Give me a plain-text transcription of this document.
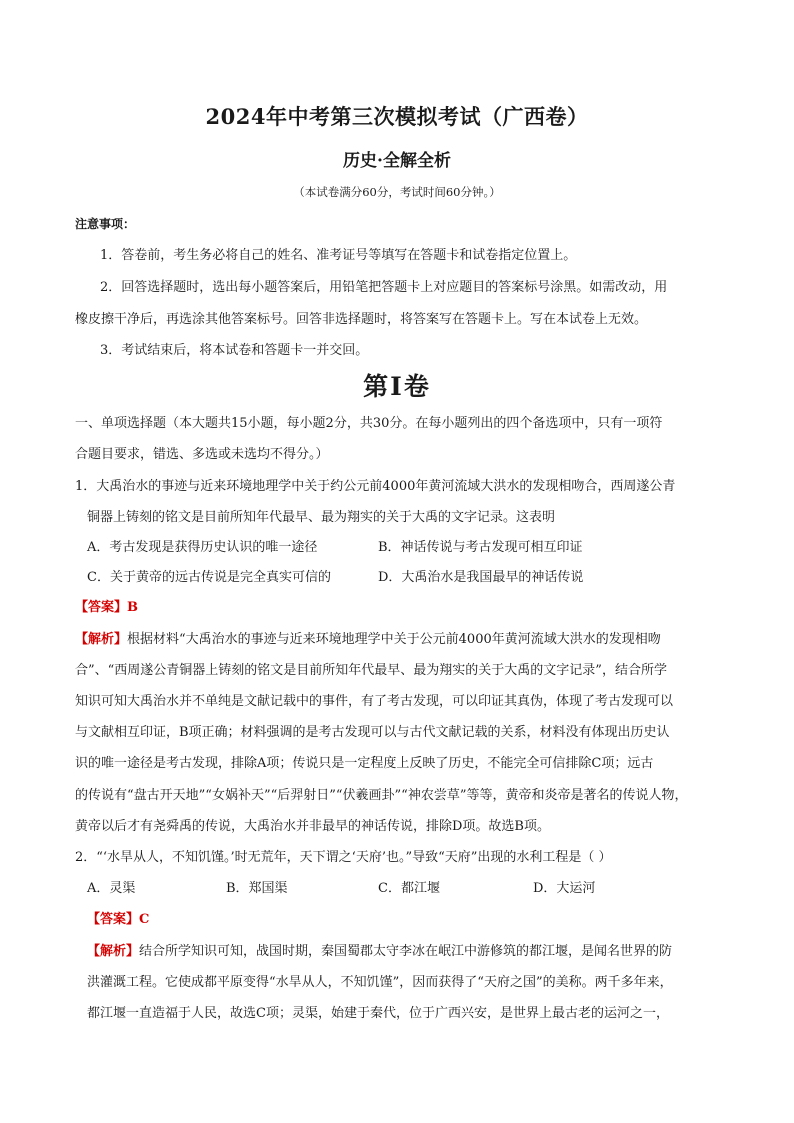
2024年中考第三次模拟考试（广西卷）
历史·全解全析
（本试卷满分60分，考试时间60分钟。）
注意事项：
1．答卷前，考生务必将自己的姓名、准考证号等填写在答题卡和试卷指定位置上。
2．回答选择题时，选出每小题答案后，用铅笔把答题卡上对应题目的答案标号涂黑。如需改动，用
橡皮擦干净后，再选涂其他答案标号。回答非选择题时，将答案写在答题卡上。写在本试卷上无效。
3．考试结束后，将本试卷和答题卡一并交回。
第Ⅰ卷
一、单项选择题（本大题共15小题，每小题2分，共30分。在每小题列出的四个备选项中，只有一项符
合题目要求，错选、多选或未选均不得分。）
1．大禹治水的事迹与近来环境地理学中关于约公元前4000年黄河流域大洪水的发现相吻合，西周遂公青
铜器上铸刻的铭文是目前所知年代最早、最为翔实的关于大禹的文字记录。这表明
A．考古发现是获得历史认识的唯一途径	B．神话传说与考古发现可相互印证
C．关于黄帝的远古传说是完全真实可信的	D．大禹治水是我国最早的神话传说
【答案】B
【解析】根据材料“大禹治水的事迹与近来环境地理学中关于公元前4000年黄河流域大洪水的发现相吻
合”、“西周遂公青铜器上铸刻的铭文是目前所知年代最早、最为翔实的关于大禹的文字记录”，结合所学
知识可知大禹治水并不单纯是文献记载中的事件，有了考古发现，可以印证其真伪，体现了考古发现可以
与文献相互印证，B项正确；材料强调的是考古发现可以与古代文献记载的关系，材料没有体现出历史认
识的唯一途径是考古发现，排除A项；传说只是一定程度上反映了历史，不能完全可信排除C项；远古
的传说有“盘古开天地”“女娲补天”“后羿射日”“伏羲画卦”“神农尝草”等等，黄帝和炎帝是著名的传说人物，
黄帝以后才有尧舜禹的传说，大禹治水并非最早的神话传说，排除D项。故选B项。
2．“‘水旱从人，不知饥馑。’时无荒年，天下谓之‘天府’也。”导致“天府”出现的水利工程是（ ）
A．灵渠	B．郑国渠	C．都江堰	D．大运河
【答案】C
【解析】结合所学知识可知，战国时期，秦国蜀郡太守李冰在岷江中游修筑的都江堰，是闻名世界的防
洪灌溉工程。它使成都平原变得“水旱从人，不知饥馑”，因而获得了“天府之国”的美称。两千多年来，
都江堰一直造福于人民，故选C项；灵渠，始建于秦代，位于广西兴安，是世界上最古老的运河之一，
